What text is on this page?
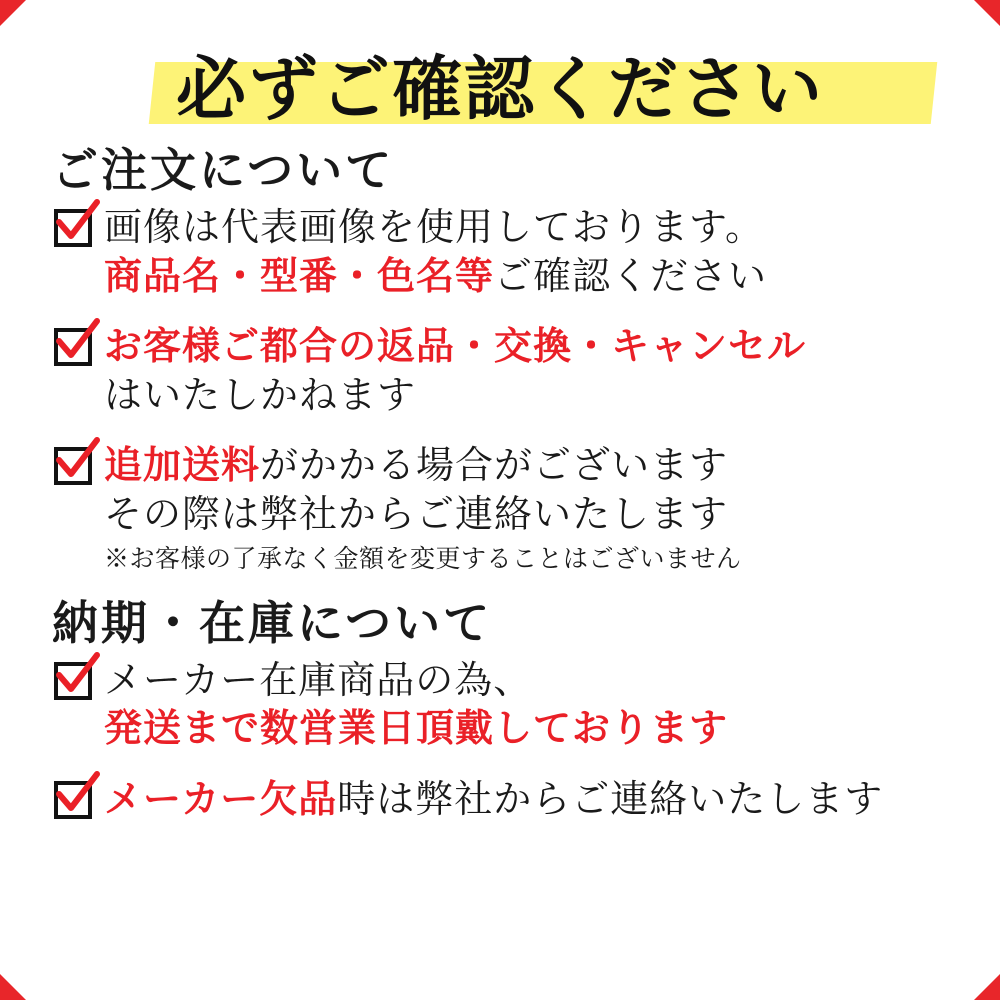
必ずご確認ください
ご注文について
画像は代表画像を使用しております。 商品名・型番・色名等ご確認ください
お客様ご都合の返品・交換・キャンセル はいたしかねます
追加送料がかかる場合がございます その際は弊社からご連絡いたします ※お客様の了承なく金額を変更することはございません
納期・在庫について
メーカー在庫商品の為、 発送まで数営業日頂戴しております
メーカー欠品時は弊社からご連絡いたします
